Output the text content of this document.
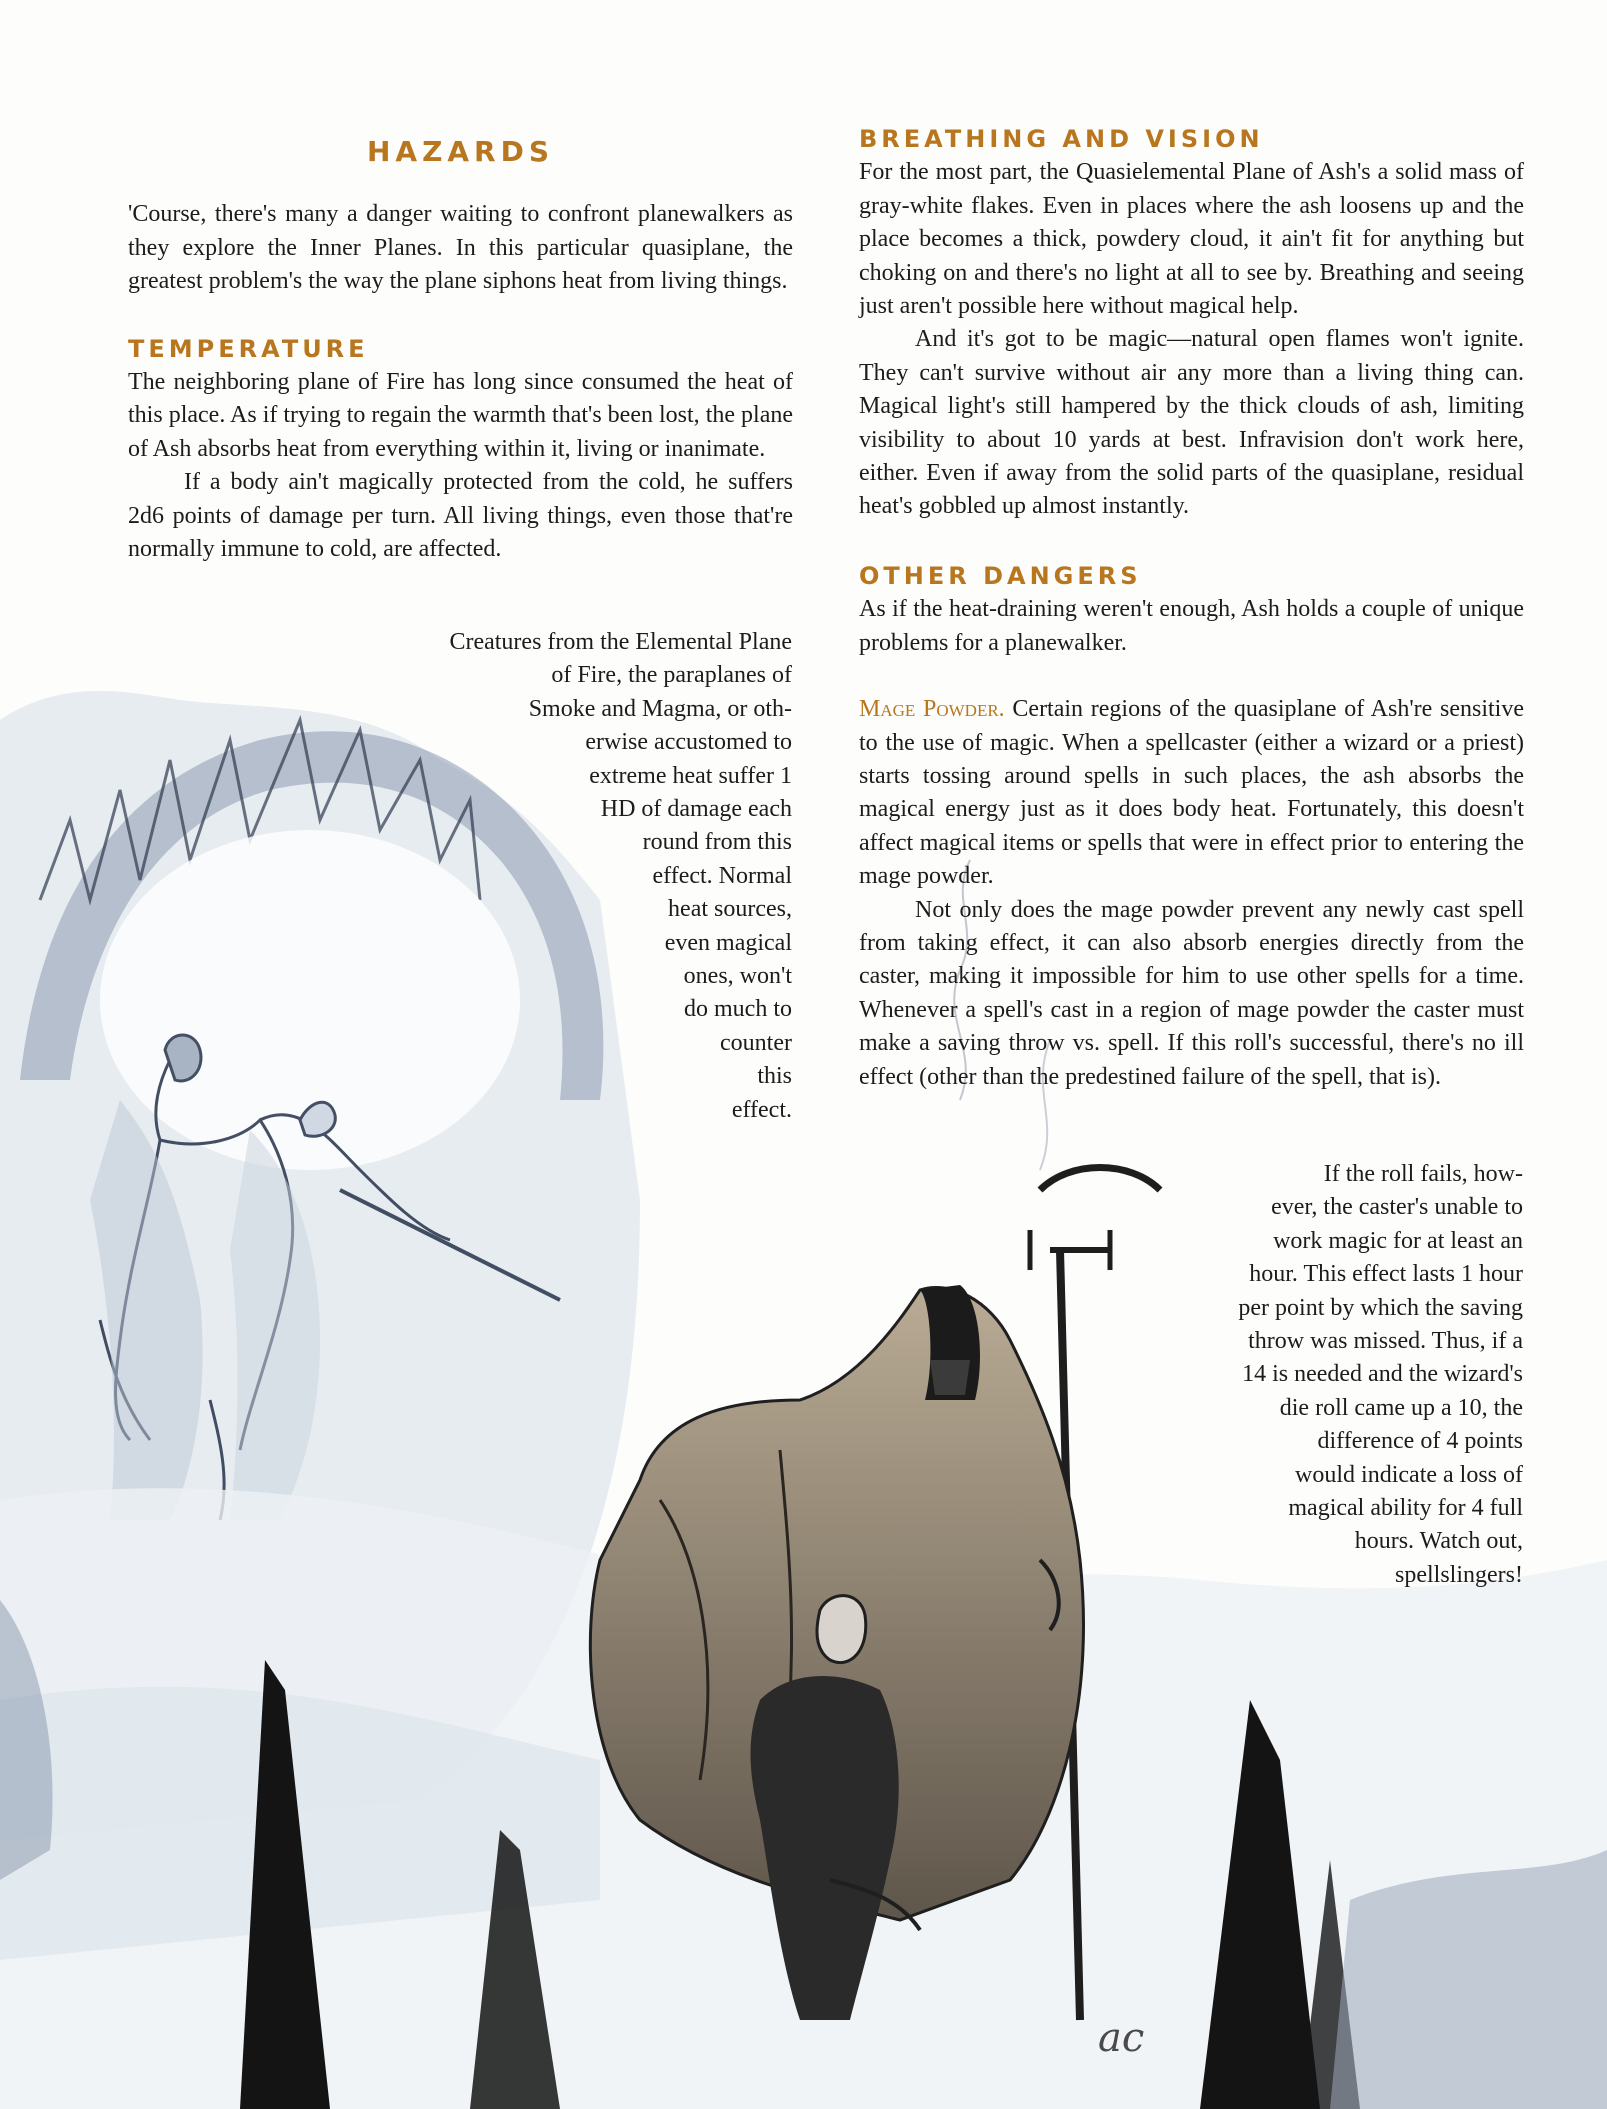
ac
HAZARDS

'Course, there's many a danger waiting to confront planewalkers as they explore the Inner Planes. In this particular quasiplane, the greatest problem's the way the plane siphons heat from living things.

TEMPERATURE

The neighboring plane of Fire has long since consumed the heat of this place. As if trying to regain the warmth that's been lost, the plane of Ash absorbs heat from everything within it, living or inanimate.

If a body ain't magically protected from the cold, he suffers 2d6 points of damage per turn. All living things, even those that're normally immune to cold, are affected.

Creatures from the Elemental Plane
of Fire, the paraplanes of
Smoke and Magma, or oth-
erwise accustomed to
extreme heat suffer 1
HD of damage each
round from this
effect. Normal
heat sources,
even magical
ones, won't
do much to
counter
this
effect.
BREATHING AND VISION

For the most part, the Quasielemental Plane of Ash's a solid mass of gray-white flakes. Even in places where the ash loosens up and the place becomes a thick, powdery cloud, it ain't fit for anything but choking on and there's no light at all to see by. Breathing and seeing just aren't possible here without magical help.

And it's got to be magic—natural open flames won't ignite. They can't survive without air any more than a living thing can. Magical light's still hampered by the thick clouds of ash, limiting visibility to about 10 yards at best. Infravision don't work here, either. Even if away from the solid parts of the quasiplane, residual heat's gobbled up almost instantly.

OTHER DANGERS

As if the heat-draining weren't enough, Ash holds a couple of unique problems for a planewalker.

Mage Powder. Certain regions of the quasiplane of Ash're sensitive to the use of magic. When a spellcaster (either a wizard or a priest) starts tossing around spells in such places, the ash absorbs the magical energy just as it does body heat. Fortunately, this doesn't affect magical items or spells that were in effect prior to entering the mage powder.

Not only does the mage powder prevent any newly cast spell from taking effect, it can also absorb energies directly from the caster, making it impossible for him to use other spells for a time. Whenever a spell's cast in a region of mage powder the caster must make a saving throw vs. spell. If this roll's successful, there's no ill effect (other than the predestined failure of the spell, that is).

If the roll fails, how-
ever, the caster's unable to
work magic for at least an
hour. This effect lasts 1 hour
per point by which the saving
throw was missed. Thus, if a
14 is needed and the wizard's
die roll came up a 10, the
difference of 4 points
would indicate a loss of
magical ability for 4 full
hours. Watch out,
spellslingers!
